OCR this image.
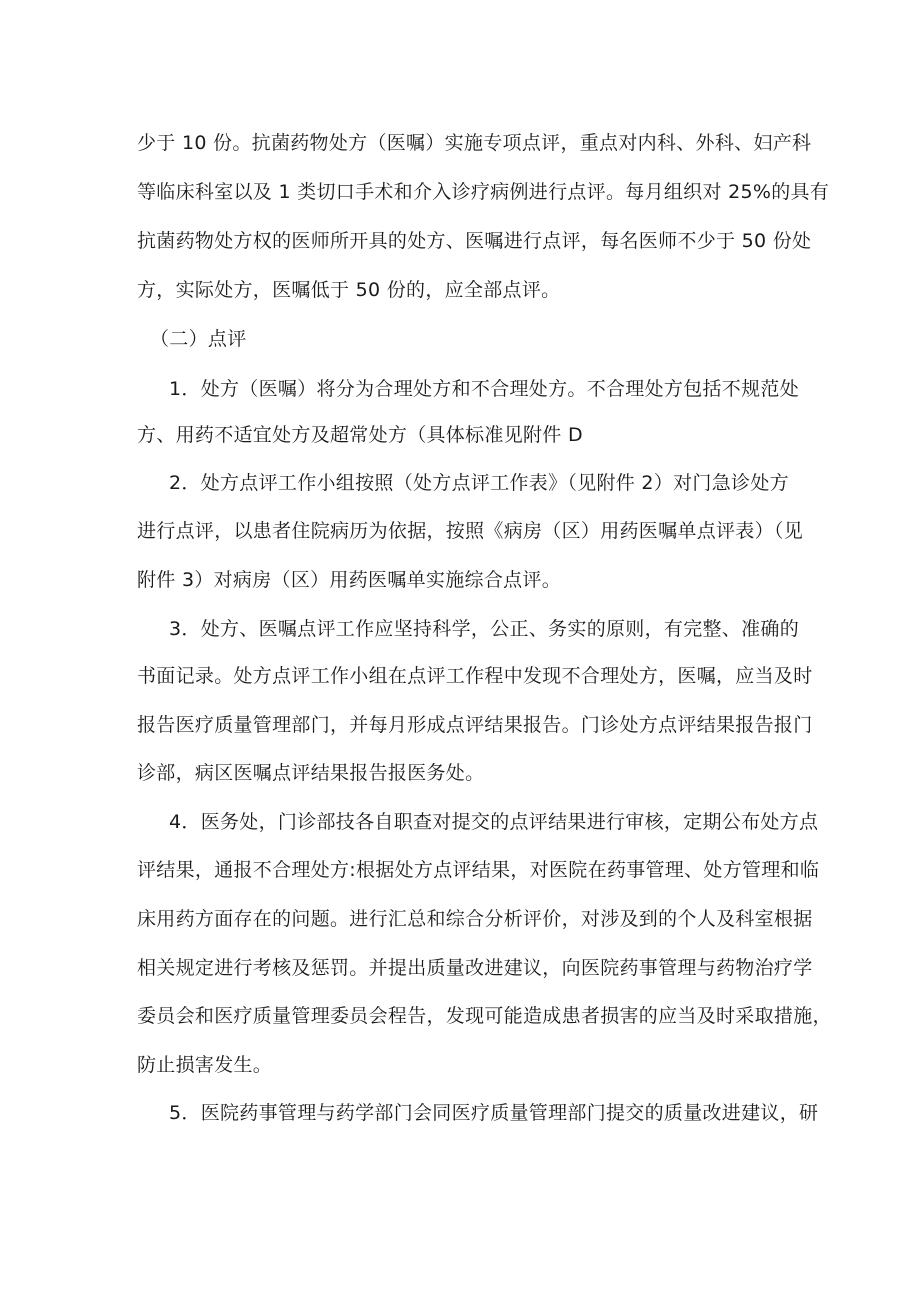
少于 10 份。抗菌药物处方（医嘱）实施专项点评，重点对内科、外科、妇产科
等临床科室以及 1 类切口手术和介入诊疗病例进行点评。每月组织对 25%的具有
抗菌药物处方权的医师所开具的处方、医嘱进行点评，每名医师不少于 50 份处
方，实际处方，医嘱低于 50 份的，应全部点评。
（二）点评
1．处方（医嘱）将分为合理处方和不合理处方。不合理处方包括不规范处
方、用药不适宜处方及超常处方（具体标准见附件 D
2．处方点评工作小组按照（处方点评工作表》（见附件 2）对门急诊处方
进行点评，以患者住院病历为依据，按照《病房（区）用药医嘱单点评表）（见
附件 3）对病房（区）用药医嘱单实施综合点评。
3．处方、医嘱点评工作应坚持科学，公正、务实的原则，有完整、准确的
书面记录。处方点评工作小组在点评工作程中发现不合理处方，医嘱，应当及时
报告医疗质量管理部门，并每月形成点评结果报告。门诊处方点评结果报告报门
诊部，病区医嘱点评结果报告报医务处。
4．医务处，门诊部技各自职查对提交的点评结果进行审核，定期公布处方点
评结果，通报不合理处方:根据处方点评结果，对医院在药事管理、处方管理和临
床用药方面存在的问题。进行汇总和综合分析评价，对涉及到的个人及科室根据
相关规定进行考核及惩罚。并提出质量改进建议，向医院药事管理与药物治疗学
委员会和医疗质量管理委员会程告，发现可能造成患者损害的应当及时采取措施，
防止损害发生。
5．医院药事管理与药学部门会同医疗质量管理部门提交的质量改进建议，研
